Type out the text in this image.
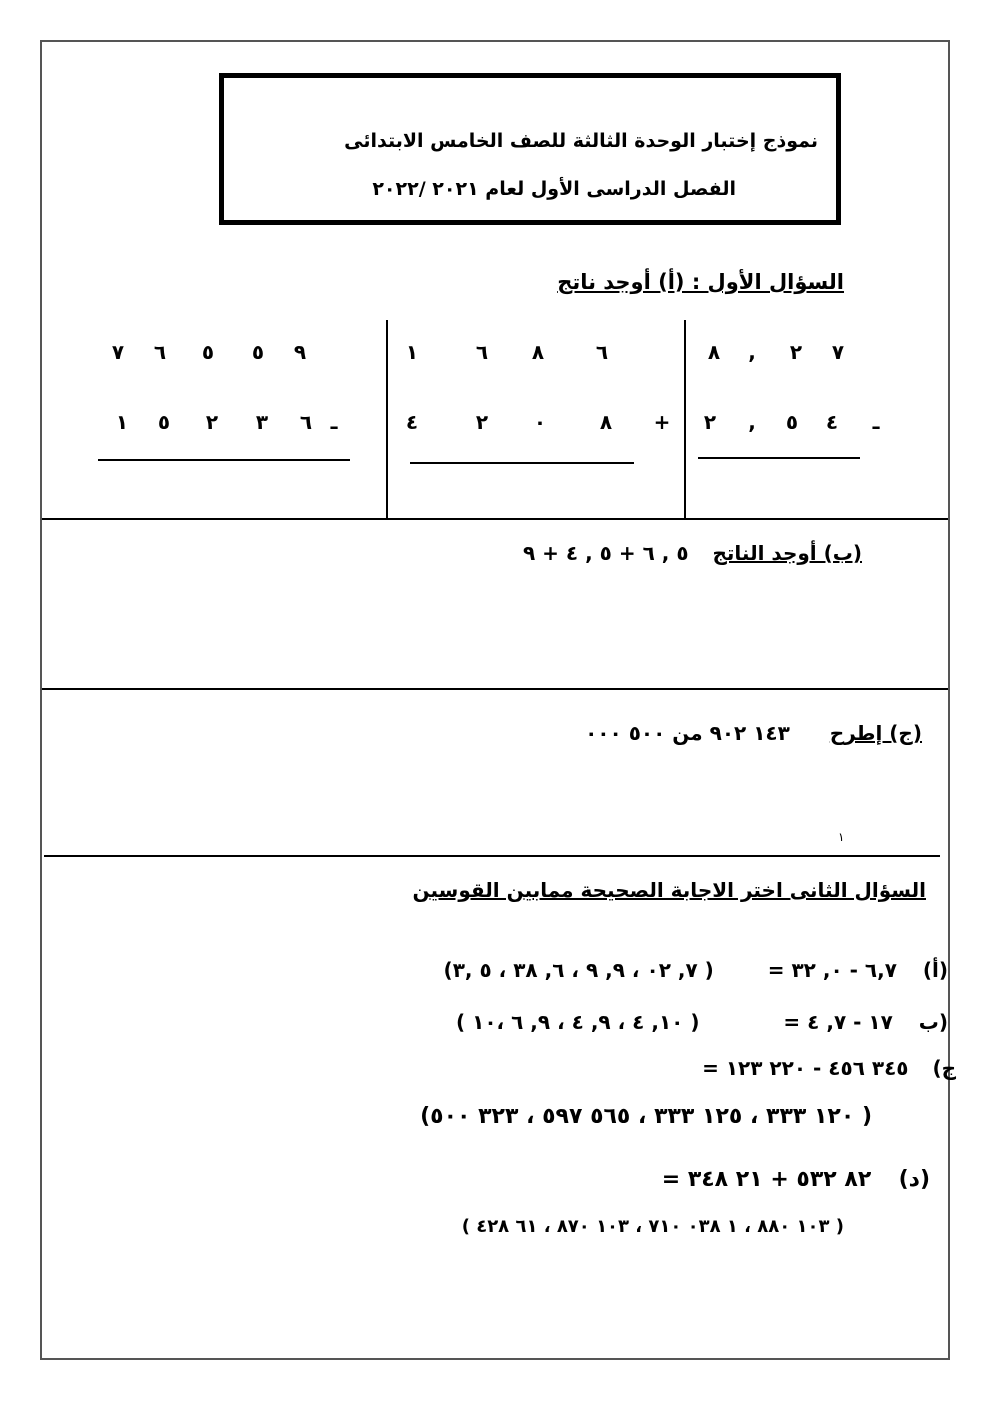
نموذج إختبار الوحدة الثالثة للصف الخامس الابتدائى
الفصل الدراسى الأول لعام ٢٠٢١ /٢٠٢٢
السؤال الأول : (أ) أوجد ناتج
٨ , ٢ ٧
٢ , ٥ ٤ ـ
١	٦ ٨	٦
٤	٢ ٠	٨ +
٧ ٦ ٥ ٥ ٩
١ ٥ ٢ ٣ ٦ ـ
(ب) أوجد الناتج  ٥ , ٦ + ٥ , ٤ + ٩
(ج) إطرح  ١٤٣ ٩٠٢ من ٥٠٠ ٠٠٠
١
السؤال الثانى اختر الاجابة الصحيحة ممابين القوسين
(أ)  ٦,٧ - ٠, ٣٢ =  ( ٧, ٠٢ ، ٩, ٩ ، ٦, ٣٨ ، ٥ ,٣)
(ب  ١٧ - ٧, ٤ =  ( ١٠, ٤ ، ٩, ٤ ، ٩, ٦ ،١٠ )
ج)  ٣٤٥ ٤٥٦ - ٢٢٠ ١٢٣ =
( ١٢٠ ٣٣٣ ، ١٢٥ ٣٣٣ ، ٥٦٥ ٥٩٧ ، ٣٢٣ ٥٠٠)
(د)  ٨٢ ٥٣٢ + ٢١ ٣٤٨ =
( ١٠٣ ٨٨٠ ، ١ ٠٣٨ ٧١٠ ، ١٠٣ ٨٧٠ ، ٦١ ٤٢٨ )
